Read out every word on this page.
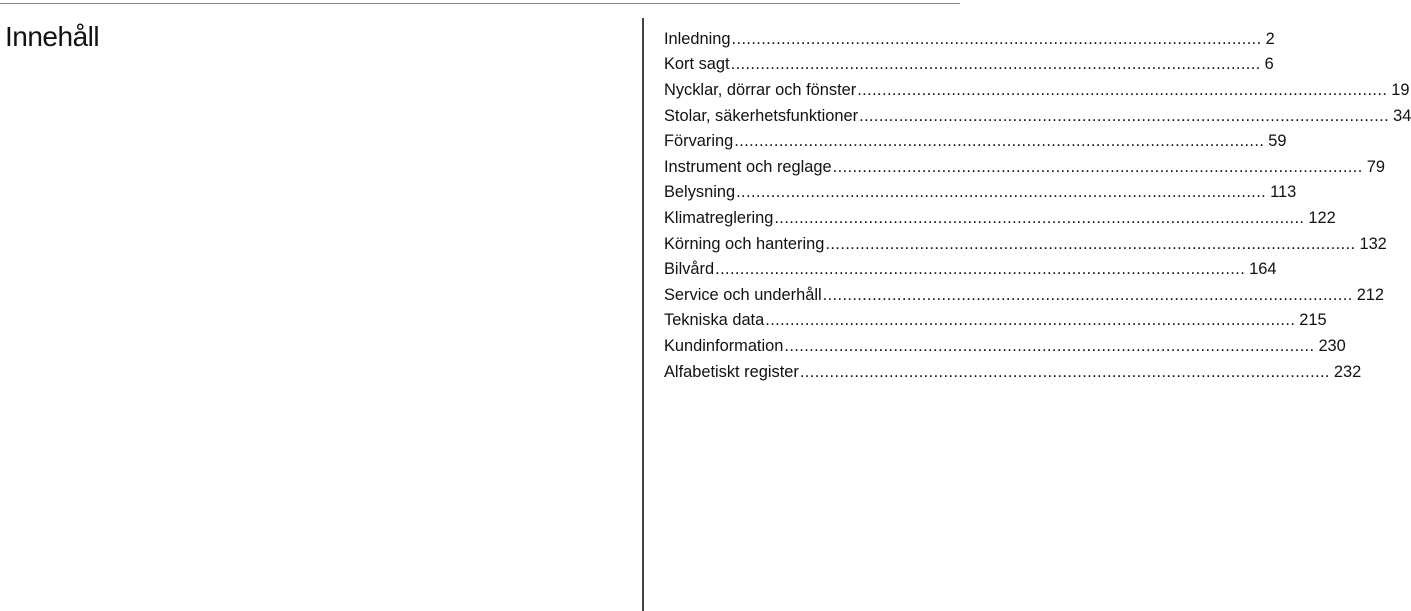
Innehåll	Inledning .....	2
Kort sagt .....	6
Nycklar, dörrar och fönster .....	19
Stolar, säkerhetsfunktioner .....	34
Förvaring .....	59
Instrument och reglage .....	79
Belysning .....	113
Klimatreglering .....	122
Körning och hantering .....	132
Bilvård .....	164
Service och underhåll .....	212
Tekniska data .....	215
Kundinformation .....	230
Alfabetiskt register .....	232
